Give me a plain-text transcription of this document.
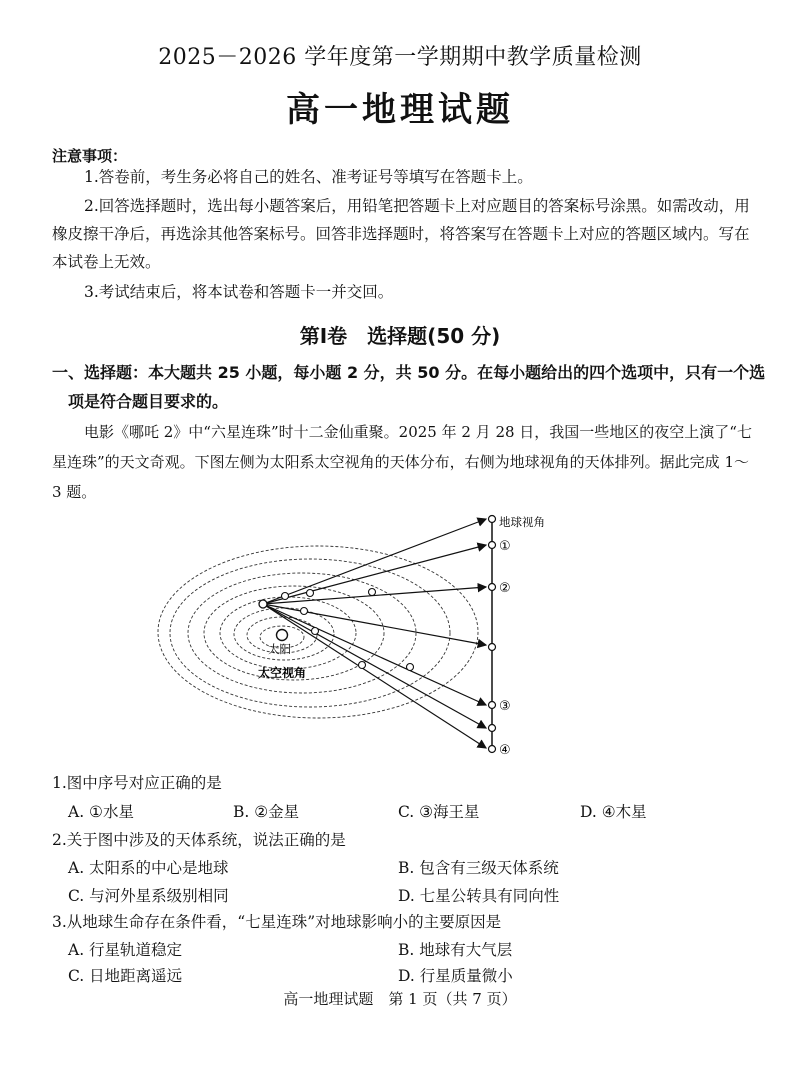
2025－2026 学年度第一学期期中教学质量检测
高一地理试题
注意事项：
1.答卷前，考生务必将自己的姓名、准考证号等填写在答题卡上。
2.回答选择题时，选出每小题答案后，用铅笔把答题卡上对应题目的答案标号涂黑。如需改动，用橡皮擦干净后，再选涂其他答案标号。回答非选择题时，将答案写在答题卡上对应的答题区域内。写在本试卷上无效。
3.考试结束后，将本试卷和答题卡一并交回。
第Ⅰ卷　选择题(50 分)
一、选择题：本大题共 25 小题，每小题 2 分，共 50 分。在每小题给出的四个选项中，只有一个选项是符合题目要求的。
电影《哪吒 2》中“六星连珠”时十二金仙重聚。2025 年 2 月 28 日，我国一些地区的夜空上演了“七星连珠”的天文奇观。下图左侧为太阳系太空视角的天体分布，右侧为地球视角的天体排列。据此完成 1～3 题。
地球视角
①
②
③
④
太阳
太空视角
1.图中序号对应正确的是
A. ①水星	B. ②金星	C. ③海王星	D. ④木星
2.关于图中涉及的天体系统，说法正确的是
A. 太阳系的中心是地球	B. 包含有三级天体系统
C. 与河外星系级别相同	D. 七星公转具有同向性
3.从地球生命存在条件看，“七星连珠”对地球影响小的主要原因是
A. 行星轨道稳定	B. 地球有大气层
C. 日地距离遥远	D. 行星质量微小
高一地理试题　第 1 页（共 7 页）
